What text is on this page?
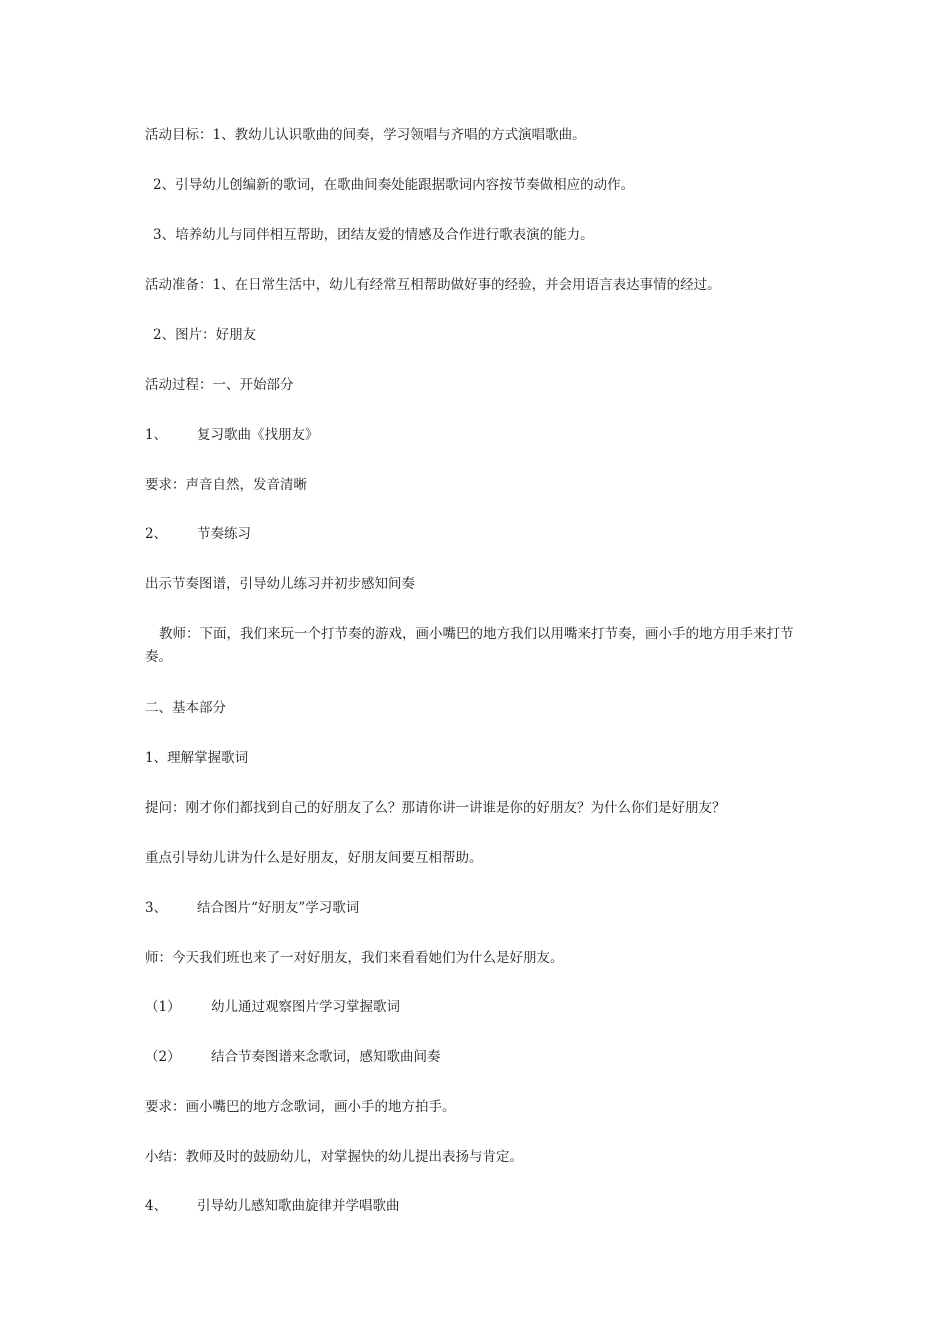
活动目标：1、教幼儿认识歌曲的间奏，学习领唱与齐唱的方式演唱歌曲。
2、引导幼儿创编新的歌词，在歌曲间奏处能跟据歌词内容按节奏做相应的动作。
3、培养幼儿与同伴相互帮助，团结友爱的情感及合作进行歌表演的能力。
活动准备：1、在日常生活中，幼儿有经常互相帮助做好事的经验，并会用语言表达事情的经过。
2、图片：好朋友
活动过程：一、开始部分
1、 复习歌曲《找朋友》
要求：声音自然，发音清晰
2、 节奏练习
出示节奏图谱，引导幼儿练习并初步感知间奏
教师：下面，我们来玩一个打节奏的游戏，画小嘴巴的地方我们以用嘴来打节奏，画小手的地方用手来打节奏。
二、基本部分
1、理解掌握歌词
提问：刚才你们都找到自己的好朋友了么？那请你讲一讲谁是你的好朋友？为什么你们是好朋友？
重点引导幼儿讲为什么是好朋友，好朋友间要互相帮助。
3、 结合图片“好朋友”学习歌词
师：今天我们班也来了一对好朋友，我们来看看她们为什么是好朋友。
（1） 幼儿通过观察图片学习掌握歌词
（2） 结合节奏图谱来念歌词，感知歌曲间奏
要求：画小嘴巴的地方念歌词，画小手的地方拍手。
小结：教师及时的鼓励幼儿，对掌握快的幼儿提出表扬与肯定。
4、 引导幼儿感知歌曲旋律并学唱歌曲
